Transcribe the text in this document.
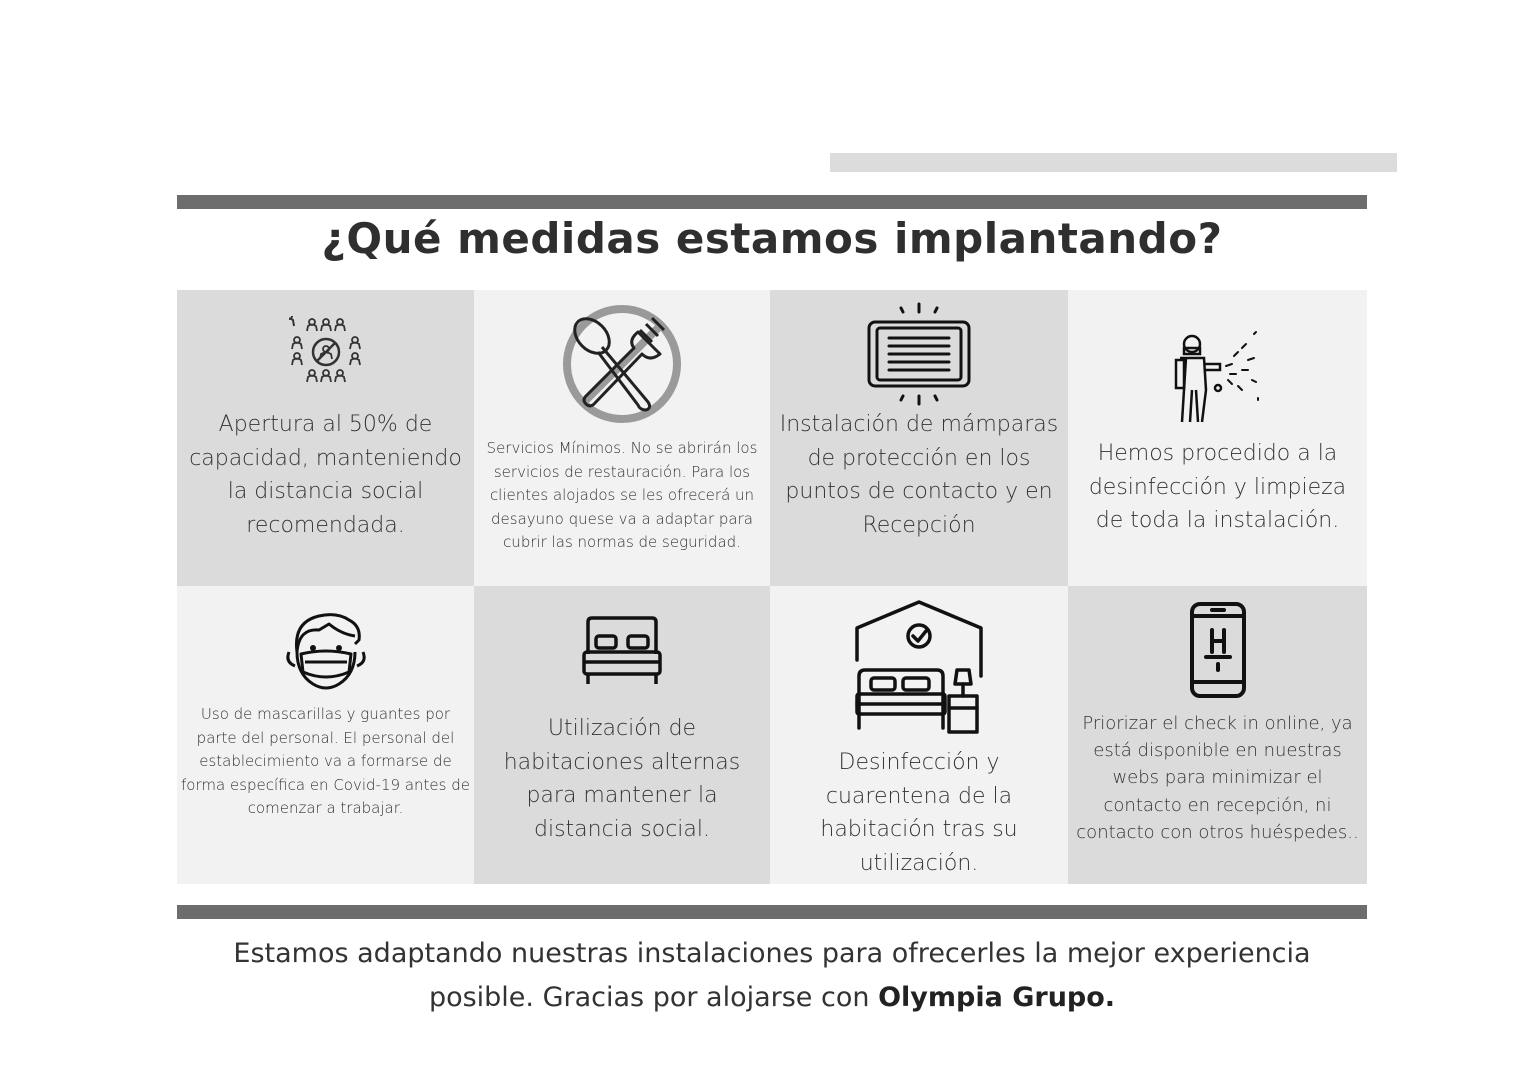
¿Qué medidas estamos implantando?
Apertura al 50% de capacidad, manteniendo la distancia social recomendada.
Servicios Mínimos. No se abrirán los servicios de restauración. Para los clientes alojados se les ofrecerá un desayuno quese va a adaptar para cubrir las normas de seguridad.
Instalación de mámparas de protección en los puntos de contacto y en Recepción
Hemos procedido a la desinfección y limpieza de toda la instalación.
Uso de mascarillas y guantes por parte del personal. El personal del establecimiento va a formarse de forma específica en Covid-19 antes de comenzar a trabajar.
Utilización de habitaciones alternas para mantener la distancia social.
Desinfección y cuarentena de la habitación tras su utilización.
Priorizar el check in online, ya está disponible en nuestras webs para minimizar el contacto en recepción, ni contacto con otros huéspedes..
Estamos adaptando nuestras instalaciones para ofrecerles la mejor experiencia posible. Gracias por alojarse con Olympia Grupo.
